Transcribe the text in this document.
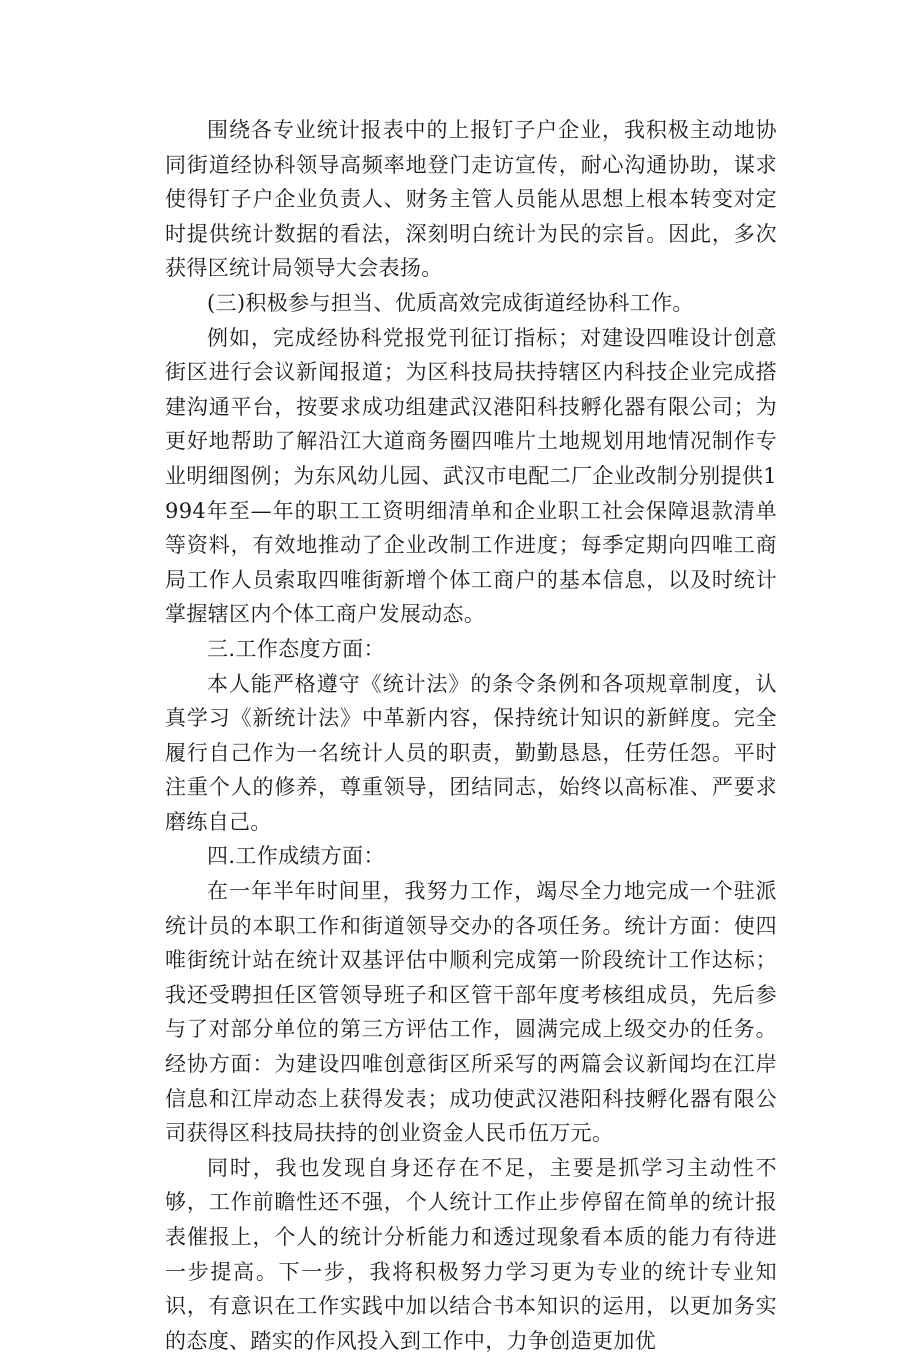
围绕各专业统计报表中的上报钉子户企业，我积极主动地协同街道经协科领导高频率地登门走访宣传，耐心沟通协助，谋求使得钉子户企业负责人、财务主管人员能从思想上根本转变对定时提供统计数据的看法，深刻明白统计为民的宗旨。因此，多次获得区统计局领导大会表扬。

(三)积极参与担当、优质高效完成街道经协科工作。

例如，完成经协科党报党刊征订指标；对建设四唯设计创意街区进行会议新闻报道；为区科技局扶持辖区内科技企业完成搭建沟通平台，按要求成功组建武汉港阳科技孵化器有限公司；为更好地帮助了解沿江大道商务圈四唯片土地规划用地情况制作专业明细图例；为东风幼儿园、武汉市电配二厂企业改制分别提供1994年至—年的职工工资明细清单和企业职工社会保障退款清单等资料，有效地推动了企业改制工作进度；每季定期向四唯工商局工作人员索取四唯街新增个体工商户的基本信息，以及时统计掌握辖区内个体工商户发展动态。

三.工作态度方面：

本人能严格遵守《统计法》的条令条例和各项规章制度，认真学习《新统计法》中革新内容，保持统计知识的新鲜度。完全履行自己作为一名统计人员的职责，勤勤恳恳，任劳任怨。平时注重个人的修养，尊重领导，团结同志，始终以高标准、严要求磨练自己。

四.工作成绩方面：

在一年半年时间里，我努力工作，竭尽全力地完成一个驻派统计员的本职工作和街道领导交办的各项任务。统计方面：使四唯街统计站在统计双基评估中顺利完成第一阶段统计工作达标；我还受聘担任区管领导班子和区管干部年度考核组成员，先后参与了对部分单位的第三方评估工作，圆满完成上级交办的任务。经协方面：为建设四唯创意街区所采写的两篇会议新闻均在江岸信息和江岸动态上获得发表；成功使武汉港阳科技孵化器有限公司获得区科技局扶持的创业资金人民币伍万元。

同时，我也发现自身还存在不足，主要是抓学习主动性不够，工作前瞻性还不强，个人统计工作止步停留在简单的统计报表催报上，个人的统计分析能力和透过现象看本质的能力有待进一步提高。下一步，我将积极努力学习更为专业的统计专业知识，有意识在工作实践中加以结合书本知识的运用，以更加务实的态度、踏实的作风投入到工作中，力争创造更加优
